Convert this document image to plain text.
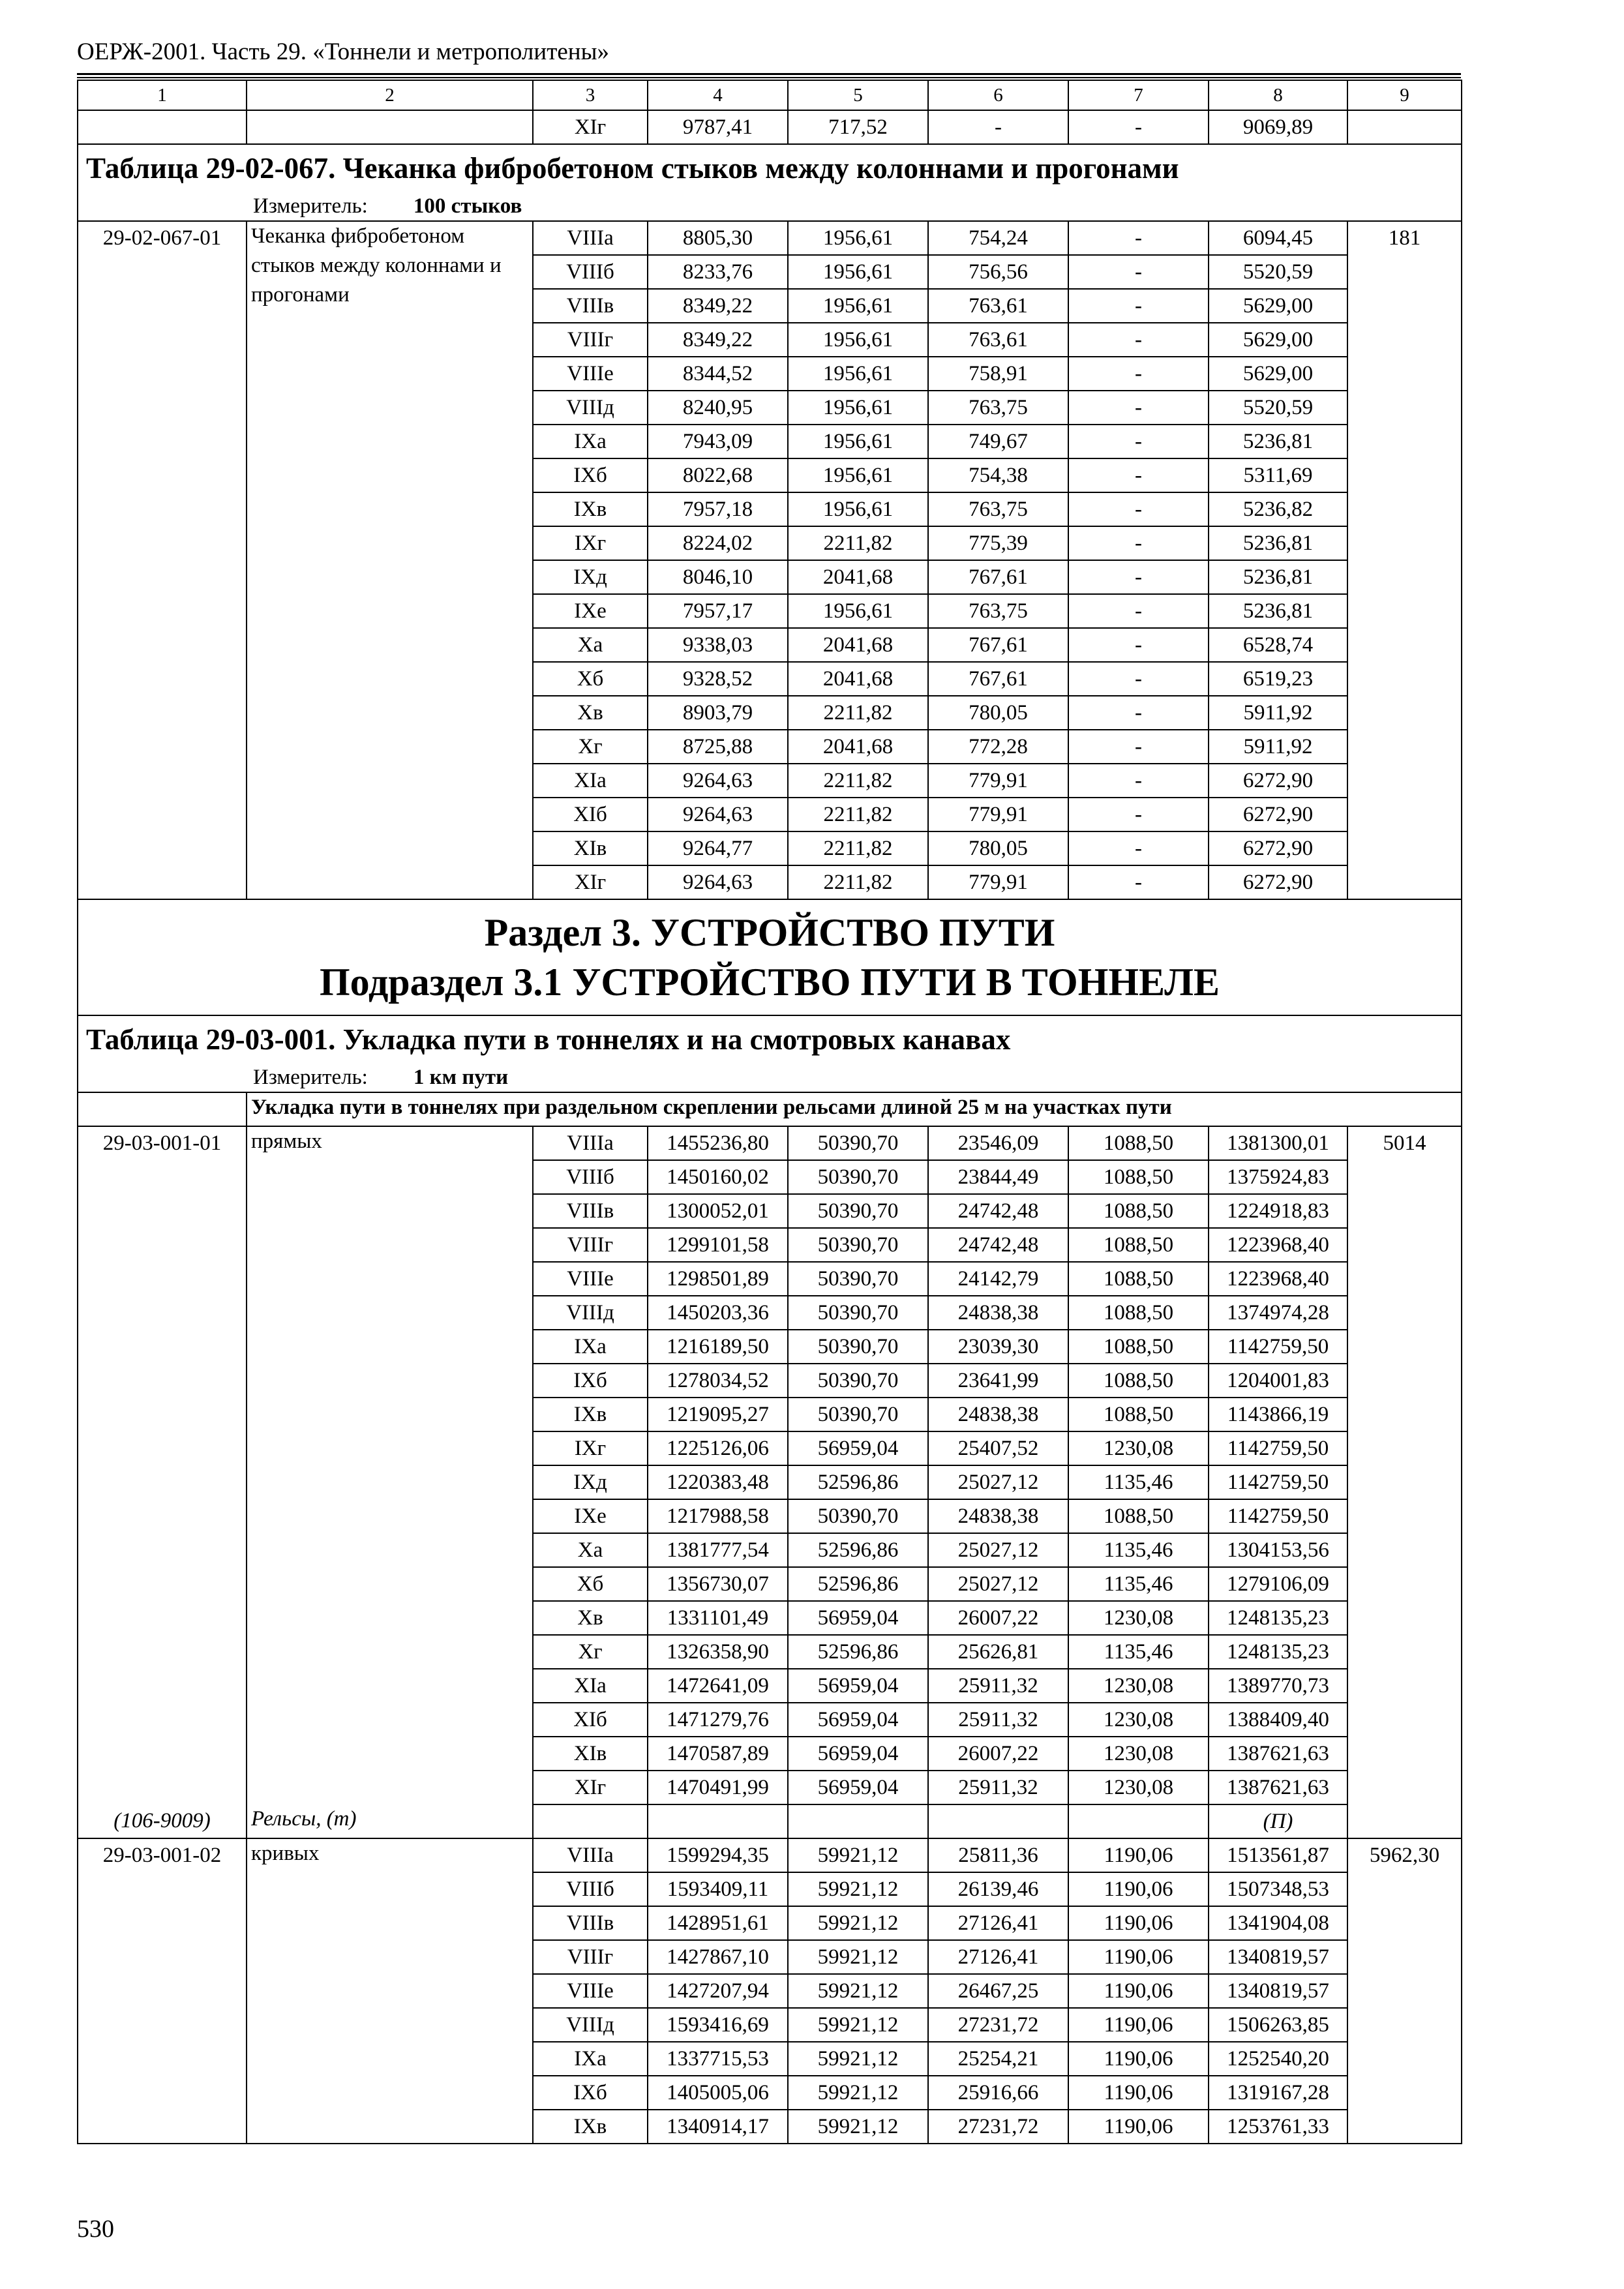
ОЕРЖ-2001. Часть 29. «Тоннели и метрополитены»
1	2	3	4	5	6	7	8	9
		XIг	9787,41	717,52	-	-	9069,89	
Таблица 29-02-067. Чеканка фибробетоном стыков между колоннами и прогонами								
Измеритель: 100 стыков								
29-02-067-01	Чеканка фибробетоном стыков между колоннами и прогонами	VIIIа	8805,30	1956,61	754,24	-	6094,45	181
		VIIIб	8233,76	1956,61	756,56	-	5520,59	
		VIIIв	8349,22	1956,61	763,61	-	5629,00	
		VIIIг	8349,22	1956,61	763,61	-	5629,00	
		VIIIе	8344,52	1956,61	758,91	-	5629,00	
		VIIIд	8240,95	1956,61	763,75	-	5520,59	
		IXа	7943,09	1956,61	749,67	-	5236,81	
		IXб	8022,68	1956,61	754,38	-	5311,69	
		IXв	7957,18	1956,61	763,75	-	5236,82	
		IXг	8224,02	2211,82	775,39	-	5236,81	
		IXд	8046,10	2041,68	767,61	-	5236,81	
		IXе	7957,17	1956,61	763,75	-	5236,81	
		Xа	9338,03	2041,68	767,61	-	6528,74	
		Xб	9328,52	2041,68	767,61	-	6519,23	
		Xв	8903,79	2211,82	780,05	-	5911,92	
		Xг	8725,88	2041,68	772,28	-	5911,92	
		XIа	9264,63	2211,82	779,91	-	6272,90	
		XIб	9264,63	2211,82	779,91	-	6272,90	
		XIв	9264,77	2211,82	780,05	-	6272,90	
		XIг	9264,63	2211,82	779,91	-	6272,90	

Раздел 3. УСТРОЙСТВО ПУТИ
Подраздел 3.1 УСТРОЙСТВО ПУТИ В ТОННЕЛЕ								

Таблица 29-03-001. Укладка пути в тоннелях и на смотровых канавах								
Измеритель: 1 км пути								
	Укладка пути в тоннелях при раздельном скреплении рельсами длиной 25 м на участках пути							
29-03-001-01	прямых	VIIIа	1455236,80	50390,70	23546,09	1088,50	1381300,01	5014
		VIIIб	1450160,02	50390,70	23844,49	1088,50	1375924,83	
		VIIIв	1300052,01	50390,70	24742,48	1088,50	1224918,83	
		VIIIг	1299101,58	50390,70	24742,48	1088,50	1223968,40	
		VIIIе	1298501,89	50390,70	24142,79	1088,50	1223968,40	
		VIIIд	1450203,36	50390,70	24838,38	1088,50	1374974,28	
		IXа	1216189,50	50390,70	23039,30	1088,50	1142759,50	
		IXб	1278034,52	50390,70	23641,99	1088,50	1204001,83	
		IXв	1219095,27	50390,70	24838,38	1088,50	1143866,19	
		IXг	1225126,06	56959,04	25407,52	1230,08	1142759,50	
		IXд	1220383,48	52596,86	25027,12	1135,46	1142759,50	
		IXе	1217988,58	50390,70	24838,38	1088,50	1142759,50	
		Xа	1381777,54	52596,86	25027,12	1135,46	1304153,56	
		Xб	1356730,07	52596,86	25027,12	1135,46	1279106,09	
		Xв	1331101,49	56959,04	26007,22	1230,08	1248135,23	
		Xг	1326358,90	52596,86	25626,81	1135,46	1248135,23	
		XIа	1472641,09	56959,04	25911,32	1230,08	1389770,73	
		XIб	1471279,76	56959,04	25911,32	1230,08	1388409,40	
		XIв	1470587,89	56959,04	26007,22	1230,08	1387621,63	
		XIг	1470491,99	56959,04	25911,32	1230,08	1387621,63	
(106-9009)	Рельсы, (т)						(П)	
29-03-001-02	кривых	VIIIа	1599294,35	59921,12	25811,36	1190,06	1513561,87	5962,30
		VIIIб	1593409,11	59921,12	26139,46	1190,06	1507348,53	
		VIIIв	1428951,61	59921,12	27126,41	1190,06	1341904,08	
		VIIIг	1427867,10	59921,12	27126,41	1190,06	1340819,57	
		VIIIе	1427207,94	59921,12	26467,25	1190,06	1340819,57	
		VIIIд	1593416,69	59921,12	27231,72	1190,06	1506263,85	
		IXа	1337715,53	59921,12	25254,21	1190,06	1252540,20	
		IXб	1405005,06	59921,12	25916,66	1190,06	1319167,28	
		IXв	1340914,17	59921,12	27231,72	1190,06	1253761,33	
530
